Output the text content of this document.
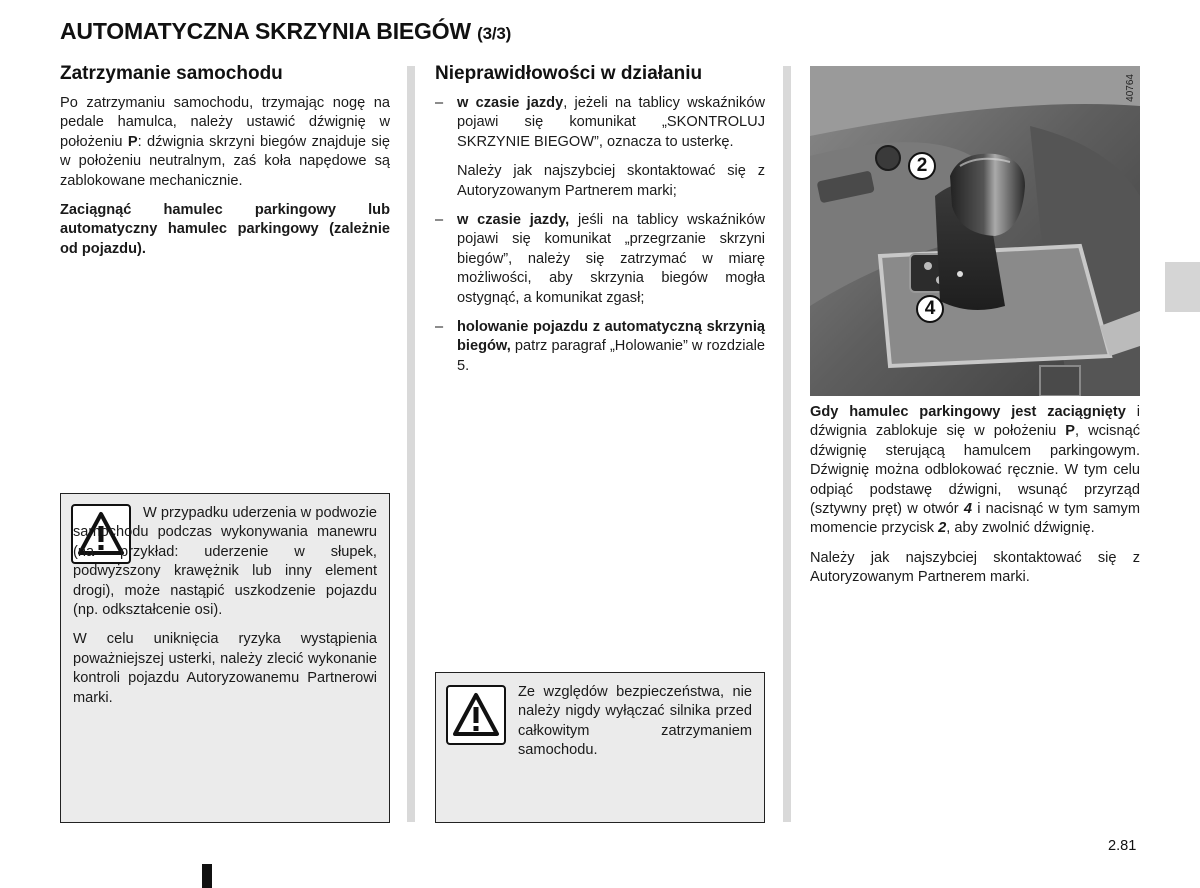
AUTOMATYCZNA SKRZYNIA BIEGÓW (3/3)
Zatrzymanie samochodu

Po zatrzymaniu samochodu, trzymając nogę na pedale hamulca, należy ustawić dźwignię w położeniu P: dźwignia skrzyni biegów znajduje się w położeniu neutralnym, zaś koła napędowe są zablokowane mechanicznie.

Zaciągnąć hamulec parkingowy lub automatyczny hamulec parkingowy (zależnie od pojazdu).

W przypadku uderzenia w podwozie samochodu podczas wykonywania manewru (na przykład: uderzenie w słupek, podwyższony krawężnik lub inny element drogi), może nastąpić uszkodzenie pojazdu (np. odkształcenie osi).

W celu uniknięcia ryzyka wystąpienia poważniejszej usterki, należy zlecić wykonanie kontroli pojazdu Autoryzowanemu Partnerowi marki.

Nieprawidłowości w działaniu
– w czasie jazdy, jeżeli na tablicy wskaźników pojawi się komunikat „SKONTROLUJ SKRZYNIE BIEGOW”, oznacza to usterkę.

Należy jak najszybciej skontaktować się z Autoryzowanym Partnerem marki;

– w czasie jazdy, jeśli na tablicy wskaźników pojawi się komunikat „przegrzanie skrzyni biegów”, należy się zatrzymać w miarę możliwości, aby skrzynia biegów mogła ostygnąć, a komunikat zgasł;

– holowanie pojazdu z automatyczną skrzynią biegów, patrz paragraf „Holowanie” w rozdziale 5.

Ze względów bezpieczeństwa, nie należy nigdy wyłączać silnika przed całkowitym zatrzymaniem samochodu.
40764
2
4

Gdy hamulec parkingowy jest zaciągnięty i dźwignia zablokuje się w położeniu P, wcisnąć dźwignię sterującą hamulcem parkingowym. Dźwignię można odblokować ręcznie. W tym celu odpiąć podstawę dźwigni, wsunąć przyrząd (sztywny pręt) w otwór 4 i nacisnąć w tym samym momencie przycisk 2, aby zwolnić dźwignię.

Należy jak najszybciej skontaktować się z Autoryzowanym Partnerem marki.

2.81
